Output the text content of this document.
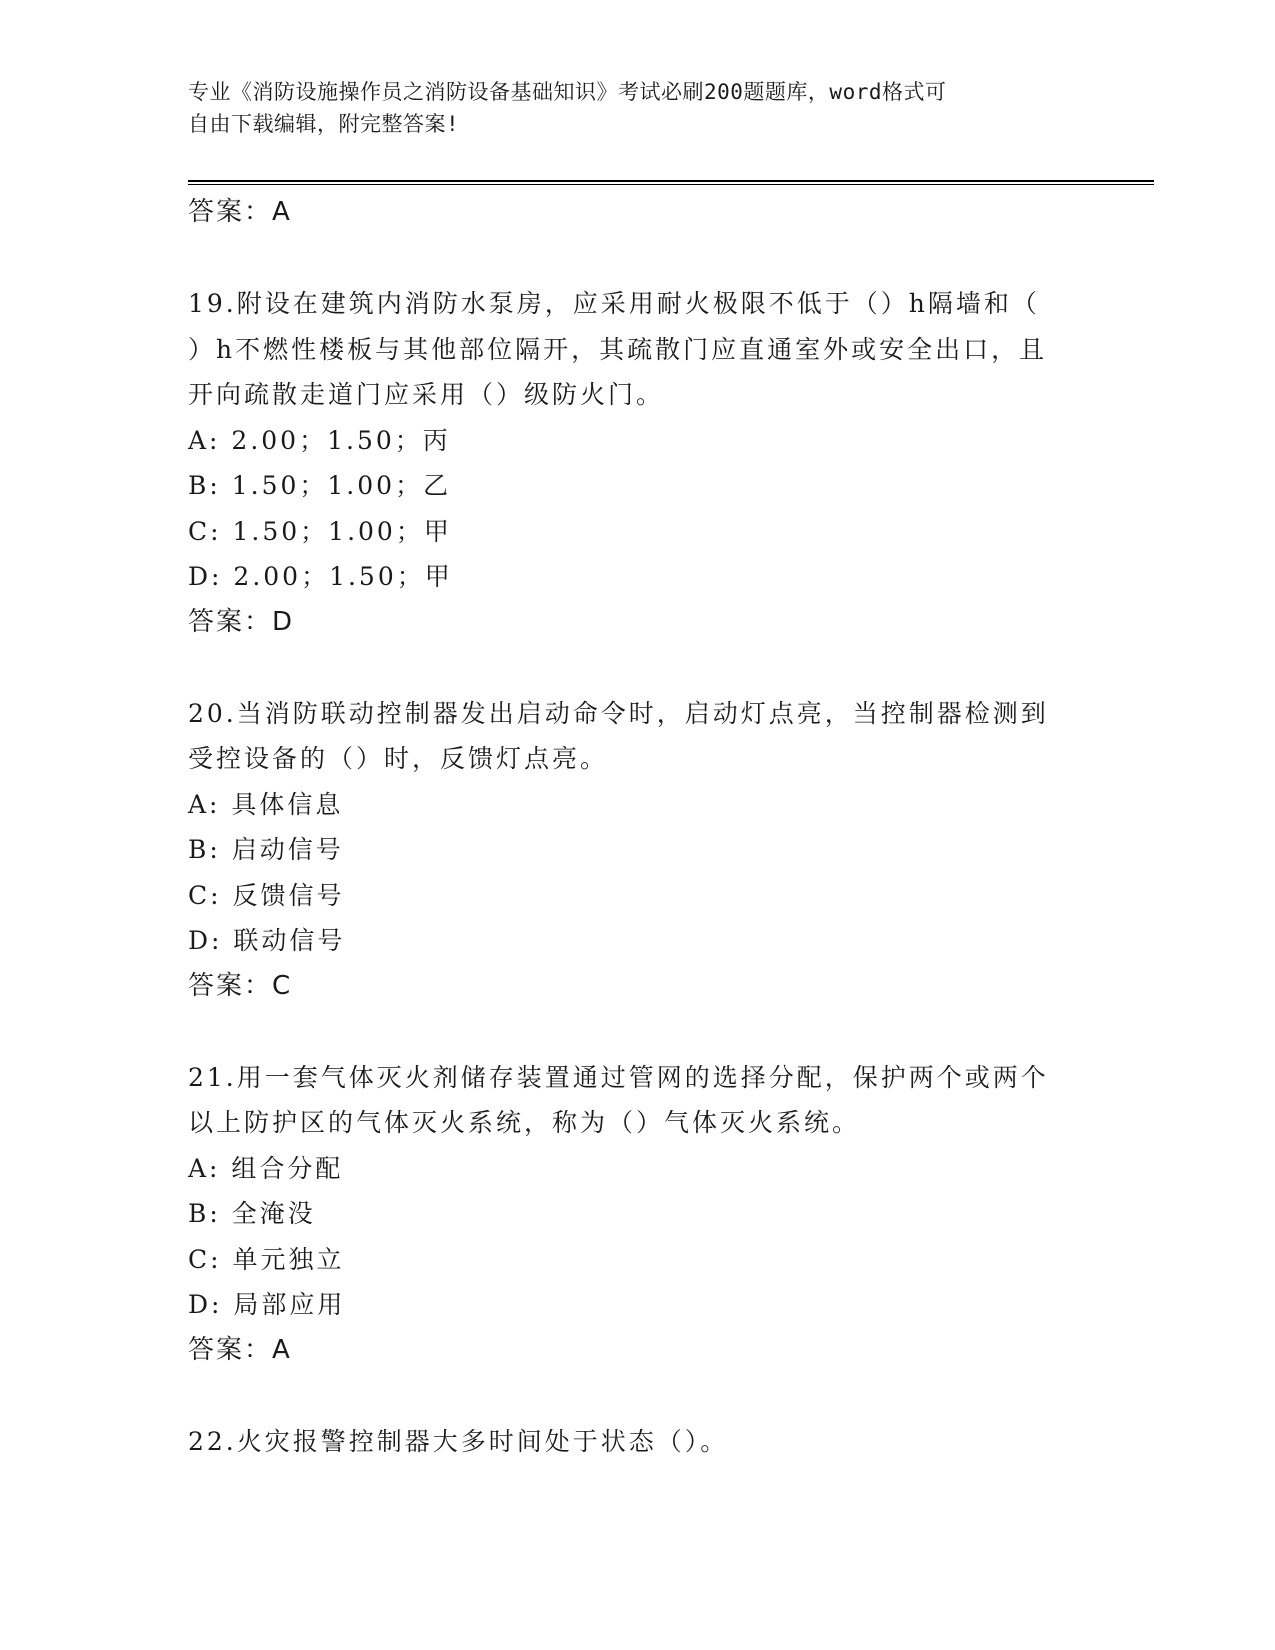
专业《消防设施操作员之消防设备基础知识》考试必刷200题题库，word格式可
自由下载编辑，附完整答案!
答案：A
19.附设在建筑内消防水泵房，应采用耐火极限不低于（）h隔墙和（
）h不燃性楼板与其他部位隔开，其疏散门应直通室外或安全出口，且
开向疏散走道门应采用（）级防火门。
A: 2.00；1.50；丙
B: 1.50；1.00；乙
C: 1.50；1.00；甲
D: 2.00；1.50；甲
答案：D
20.当消防联动控制器发出启动命令时，启动灯点亮，当控制器检测到
受控设备的（）时，反馈灯点亮。
A: 具体信息
B: 启动信号
C: 反馈信号
D: 联动信号
答案：C
21.用一套气体灭火剂储存装置通过管网的选择分配，保护两个或两个
以上防护区的气体灭火系统，称为（）气体灭火系统。
A: 组合分配
B: 全淹没
C: 单元独立
D: 局部应用
答案：A
22.火灾报警控制器大多时间处于状态（）。
